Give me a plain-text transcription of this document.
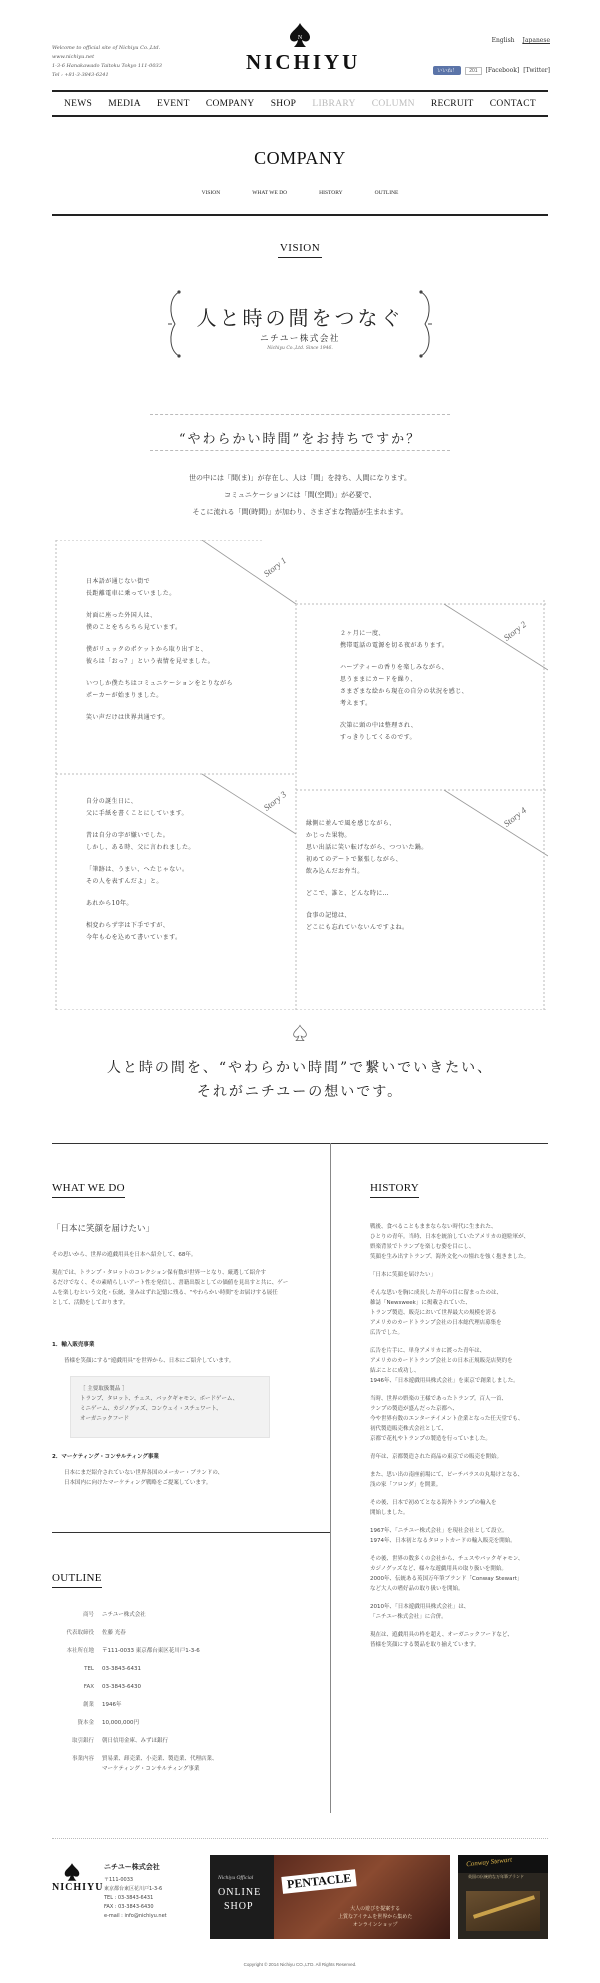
Welcome to official site of Nichiyu Co.,Ltd.
www.nichiyu.net
1-3-6 Hanakawado Taitoku Tokyo 111-0033
Tel : +81-3-3843-6241
N
NICHIYU
English Japanese
いいね！	201	[Facebook] [Twitter]
NEWS MEDIA EVENT COMPANY SHOP LIBRARY COLUMN RECRUIT CONTACT
COMPANY
VISION	WHAT WE DO	HISTORY	OUTLINE
VISION
人と時の間をつなぐ
ニチユー株式会社
Nichiyu Co.,Ltd. Since 1946.
“やわらかい時間”をお持ちですか？
世の中には「間(ま)」が存在し、人は「間」を持ち、人間になります。
コミュニケーションには「間(空間)」が必要で、
そこに流れる「間(時間)」が加わり、さまざまな物語が生まれます。
Story 1
Story 2
Story 3
Story 4

日本語が通じない街で

長距離電車に乗っていました。

対面に座った外国人は、

僕のことをちらちら見ています。

僕がリュックのポケットから取り出すと、

彼らは「おっ？」という表情を見せました。

いつしか僕たちはコミュニケーションをとりながら

ポーカーが始まりました。

笑い声だけは世界共通です。

２ヶ月に一度、

携帯電話の電源を切る夜があります。

ハーブティーの香りを楽しみながら、

思うままにカードを繰り、

さまざまな絵から現在の自分の状況を感じ、

考えます。

次第に頭の中は整理され、

すっきりしてくるのです。

自分の誕生日に、

父に手紙を書くことにしています。

昔は自分の字が嫌いでした。

しかし、ある時、父に言われました。

「筆跡は、うまい、へたじゃない。

その人を表すんだよ」と。

あれから10年。

相変わらず字は下手ですが、

今年も心を込めて書いています。

縁側に並んで風を感じながら、

かじった果物。

思い出話に笑い転げながら、つついた鍋。

初めてのデートで緊張しながら、

飲み込んだお弁当。

どこで、誰と、どんな時に…

食事の記憶は、

どこにも忘れていないんですよね。

人と時の間を、“やわらかい時間”で繋いでいきたい、
それがニチユーの想いです。
WHAT WE DO
「日本に笑顔を届けたい」

その思いから、世界の遊戯用具を日本へ紹介して、68年。

現在では、トランプ・タロットのコレクション保有数が世界一となり、厳選して紹介す

るだけでなく、その素晴らしいアート性を発信し、書籍出版としての価値を見出すと共に、ゲー

ムを楽しむという文化・伝統、並みはずれ記憶に残る、“やわらかい時間”をお届けする展任

として、活動をしております。

1．輸入販売事業

皆様を笑顔にする“遊戯用具”を世界から、日本にご紹介しています。

［ 主要取扱製品 ］

トランプ、タロット、チェス、バックギャモン、ボードゲーム、

ミニゲーム、カジノグッズ、コンウェイ・スチュワート、

オーガニックフード

2．マーケティング・コンサルティング事業

日本にまだ紹介されていない世界各国のメーカー・ブランドの、

日本国内に向けたマーケティング戦略をご提案しています。

OUTLINE
商号	ニチユー株式会社
代表取締役	佐藤 光春
本社所在地	〒111-0033 東京都台東区花川戸1-3-6
TEL	03-3843-6431
FAX	03-3843-6430
創業	1946年
資本金	10,000,000円
取引銀行	朝日信用金庫、みずほ銀行
事業内容	貿易業、卸売業、小売業、製造業、代理店業、
マーケティング・コンサルティング事業
HISTORY

戦後、食べることもままならない時代に生まれた、

ひとりの青年。当時、日本を統治していたアメリカの進駐軍が、

娯楽背景でトランプを楽しむ姿を目にし、

笑顔を生み出すトランプ、海外文化への憧れを強く抱きました。

「日本に笑顔を届けたい」

そんな思いを胸に成長した青年の目に留まったのは、

雑誌「Newsweek」に掲載されていた、

トランプ製造、販売において世界最大の規模を誇る

アメリカのカードトランプ会社の日本総代理店募集を

広告でした。

広告を片手に、単身アメリカに渡った青年は、

アメリカのカードトランプ会社との日本正規販売店契約を

結ぶことに成功し、

1946年、「日本遊戯用具株式会社」を東京で創業しました。

当時、世界の娯楽の王様であったトランプ。百人一首、

ランプの製造が盛んだった京都へ、

今や世界有数のエンターテイメント企業となった任天堂でも、

初代製造販売株式会社として、

京都で花札やトランプの製造を行っていました。

青年は、京都製造された商品の東京での販売を開始。

また、思い出の南座前場にて、ピーチパラスの丸場けとなる、

浅の家「フロンダ」を開業。

その後、日本で初めてとなる海外トランプの輸入を

開始しました。

1967年、「ニチユー株式会社」を現社会社として設立。

1974年、日本初となるタロットカードの輸入販売を開始。

その後、世界の数多くの会社から、チェスやバックギャモン、

カジノグッズなど、様々な遊戯用具の取り扱いを開始。

2000年、伝統ある英国万年筆ブランド「Conway Stewart」

など大人の嗜好品の取り扱いを開始。

2010年、「日本遊戯用具株式会社」は、

「ニチユー株式会社」に合併。

現在は、遊戯用具の枠を超え、オーガニックフードなど、

皆様を笑顔にする製品を取り揃えています。

NICHIYU
ニチユー株式会社
〒111-0033
東京都台東区花川戸1-3-6
TEL : 03-3843-6431
FAX : 03-3843-6430
e-mail : info@nichiyu.net
Nichiyu Official
ONLINE
SHOP
PENTACLE
大人の遊びを提案する
上質なアイテムを世界から集めた
オンラインショップ
Conway Stewart
英国の伝統的な万年筆ブランド
Copyright © 2014 Nichiyu CO.,LTD. All Rights Reserved.
